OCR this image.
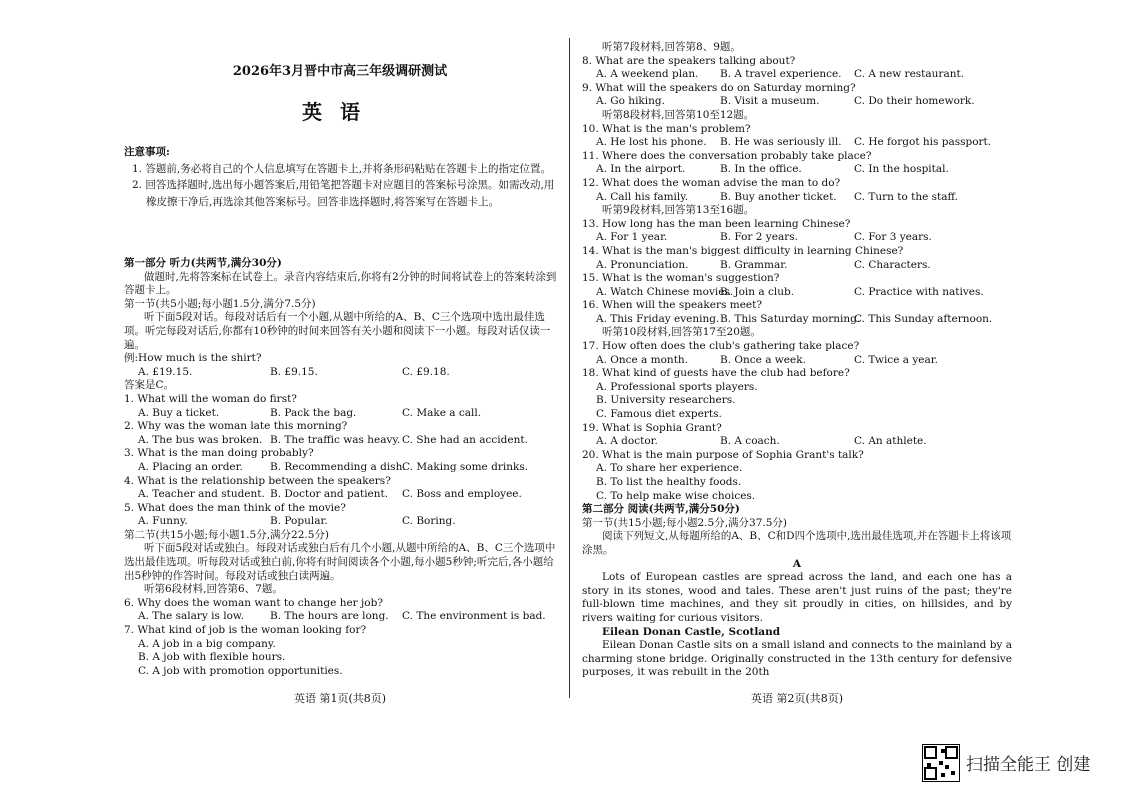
2026年3月晋中市高三年级调研测试
英语
注意事项:
1. 答题前,务必将自己的个人信息填写在答题卡上,并将条形码粘贴在答题卡上的指定位置。
2. 回答选择题时,选出每小题答案后,用铅笔把答题卡对应题目的答案标号涂黑。如需改动,用橡皮擦干净后,再选涂其他答案标号。回答非选择题时,将答案写在答题卡上。
第一部分 听力(共两节,满分30分)
做题时,先将答案标在试卷上。录音内容结束后,你将有2分钟的时间将试卷上的答案转涂到答题卡上。
第一节(共5小题;每小题1.5分,满分7.5分)
听下面5段对话。每段对话后有一个小题,从题中所给的A、B、C三个选项中选出最佳选项。听完每段对话后,你都有10秒钟的时间来回答有关小题和阅读下一小题。每段对话仅读一遍。
例:How much is the shirt?
A. £19.15.	B. £9.15.	C. £9.18.
答案是C。
1. What will the woman do first?
A. Buy a ticket.	B. Pack the bag.	C. Make a call.
2. Why was the woman late this morning?
A. The bus was broken. B. The traffic was heavy. C. She had an accident.
3. What is the man doing probably?
A. Placing an order.	B. Recommending a dish.
C. Making some drinks.
4. What is the relationship between the speakers?
A. Teacher and student. B. Doctor and patient.	C. Boss and employee.
5. What does the man think of the movie?
A. Funny.	B. Popular.	C. Boring.
第二节(共15小题;每小题1.5分,满分22.5分)
听下面5段对话或独白。每段对话或独白后有几个小题,从题中所给的A、B、C三个选项中选出最佳选项。听每段对话或独白前,你将有时间阅读各个小题,每小题5秒钟;听完后,各小题给出5秒钟的作答时间。每段对话或独白读两遍。
听第6段材料,回答第6、7题。
6. Why does the woman want to change her job?
A. The salary is low.	B. The hours are long.	C. The environment is bad.
7. What kind of job is the woman looking for?
A. A job in a big company.
B. A job with flexible hours.
C. A job with promotion opportunities.
英语 第1页(共8页)
听第7段材料,回答第8、9题。
8. What are the speakers talking about?
A. A weekend plan.	B. A travel experience.	C. A new restaurant.
9. What will the speakers do on Saturday morning?
A. Go hiking.	B. Visit a museum.	C. Do their homework.
听第8段材料,回答第10至12题。
10. What is the man's problem?
A. He lost his phone.	B. He was seriously ill.	C. He forgot his passport.
11. Where does the conversation probably take place?
A. In the airport.	B. In the office.	C. In the hospital.
12. What does the woman advise the man to do?
A. Call his family.	B. Buy another ticket.	C. Turn to the staff.
听第9段材料,回答第13至16题。
13. How long has the man been learning Chinese?
A. For 1 year.	B. For 2 years.	C. For 3 years.
14. What is the man's biggest difficulty in learning Chinese?
A. Pronunciation.	B. Grammar.	C. Characters.
15. What is the woman's suggestion?
A. Watch Chinese movies.
B. Join a club.	C. Practice with natives.
16. When will the speakers meet?
A. This Friday evening. B. This Saturday morning.
C. This Sunday afternoon.
听第10段材料,回答第17至20题。
17. How often does the club's gathering take place?
A. Once a month.	B. Once a week.	C. Twice a year.
18. What kind of guests have the club had before?
A. Professional sports players.
B. University researchers.
C. Famous diet experts.
19. What is Sophia Grant?
A. A doctor.	B. A coach.	C. An athlete.
20. What is the main purpose of Sophia Grant's talk?
A. To share her experience.
B. To list the healthy foods.
C. To help make wise choices.
第二部分 阅读(共两节,满分50分)
第一节(共15小题;每小题2.5分,满分37.5分)
阅读下列短文,从每题所给的A、B、C和D四个选项中,选出最佳选项,并在答题卡上将该项涂黑。
A
Lots of European castles are spread across the land, and each one has a story in its stones, wood and tales. These aren't just ruins of the past; they're full-blown time machines, and they sit proudly in cities, on hillsides, and by rivers waiting for curious visitors.
Eilean Donan Castle, Scotland
Eilean Donan Castle sits on a small island and connects to the mainland by a charming stone bridge. Originally constructed in the 13th century for defensive purposes, it was rebuilt in the 20th
英语 第2页(共8页)
扫描全能王 创建
